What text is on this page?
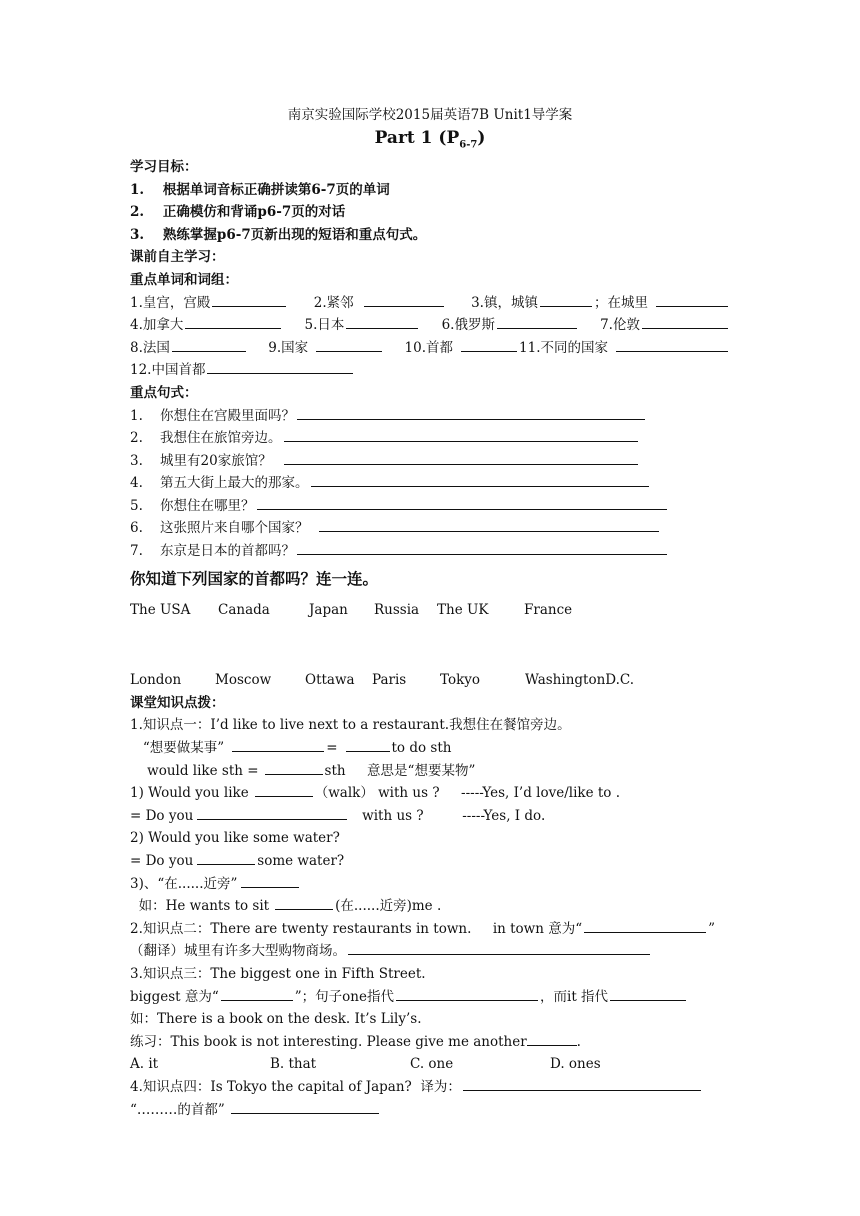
南京实验国际学校2015届英语7B Unit1导学案
Part 1 $(P_{6-7})$
学习目标：
1.    根据单词音标正确拼读第6-7页的单词
2.    正确模仿和背诵p6-7页的对话
3.    熟练掌握p6-7页新出现的短语和重点句式。
课前自主学习：
重点单词和词组：
1.皇宫，宫殿	2.紧邻	3.镇，城镇	；在城里
4.加拿大	5.日本	6.俄罗斯	7.伦敦
8.法国	9.国家	10.首都	11.不同的国家
12.中国首都
重点句式：
1.    你想住在宫殿里面吗？
2.    我想住在旅馆旁边。
3.    城里有20家旅馆？
4.    第五大街上最大的那家。
5.    你想住在哪里？
6.    这张照片来自哪个国家？
7.    东京是日本的首都吗？
你知道下列国家的首都吗？连一连。
The USA	Canada	Japan	Russia	The UK	France
London	Moscow	Ottawa	Paris	Tokyo	WashingtonD.C.
课堂知识点拨：
1.知识点一：I’d like to live next to a restaurant.我想住在餐馆旁边。
“想要做某事”	=	to do sth
would like sth =	sth     意思是“想要某物”
1) Would you like	（walk） with us ?     -----Yes, I’d love/like to .
= Do you	with us ?         -----Yes, I do.
2) Would you like some water?
= Do you	some water?
3)、“在......近旁”
如：He wants to sit	(在......近旁)me .
2.知识点二：There are twenty restaurants in town.     in town 意为“	”
（翻译）城里有许多大型购物商场。
3.知识点三：The biggest one in Fifth Street.
biggest 意为“	”；句子one指代	，而it 指代
如：There is a book on the desk. It’s Lily’s.
练习：This book is not interesting. Please give me another	.
A. it	B. that	C. one	D. ones
4.知识点四：Is Tokyo the capital of Japan?  译为：
“………的首都”
